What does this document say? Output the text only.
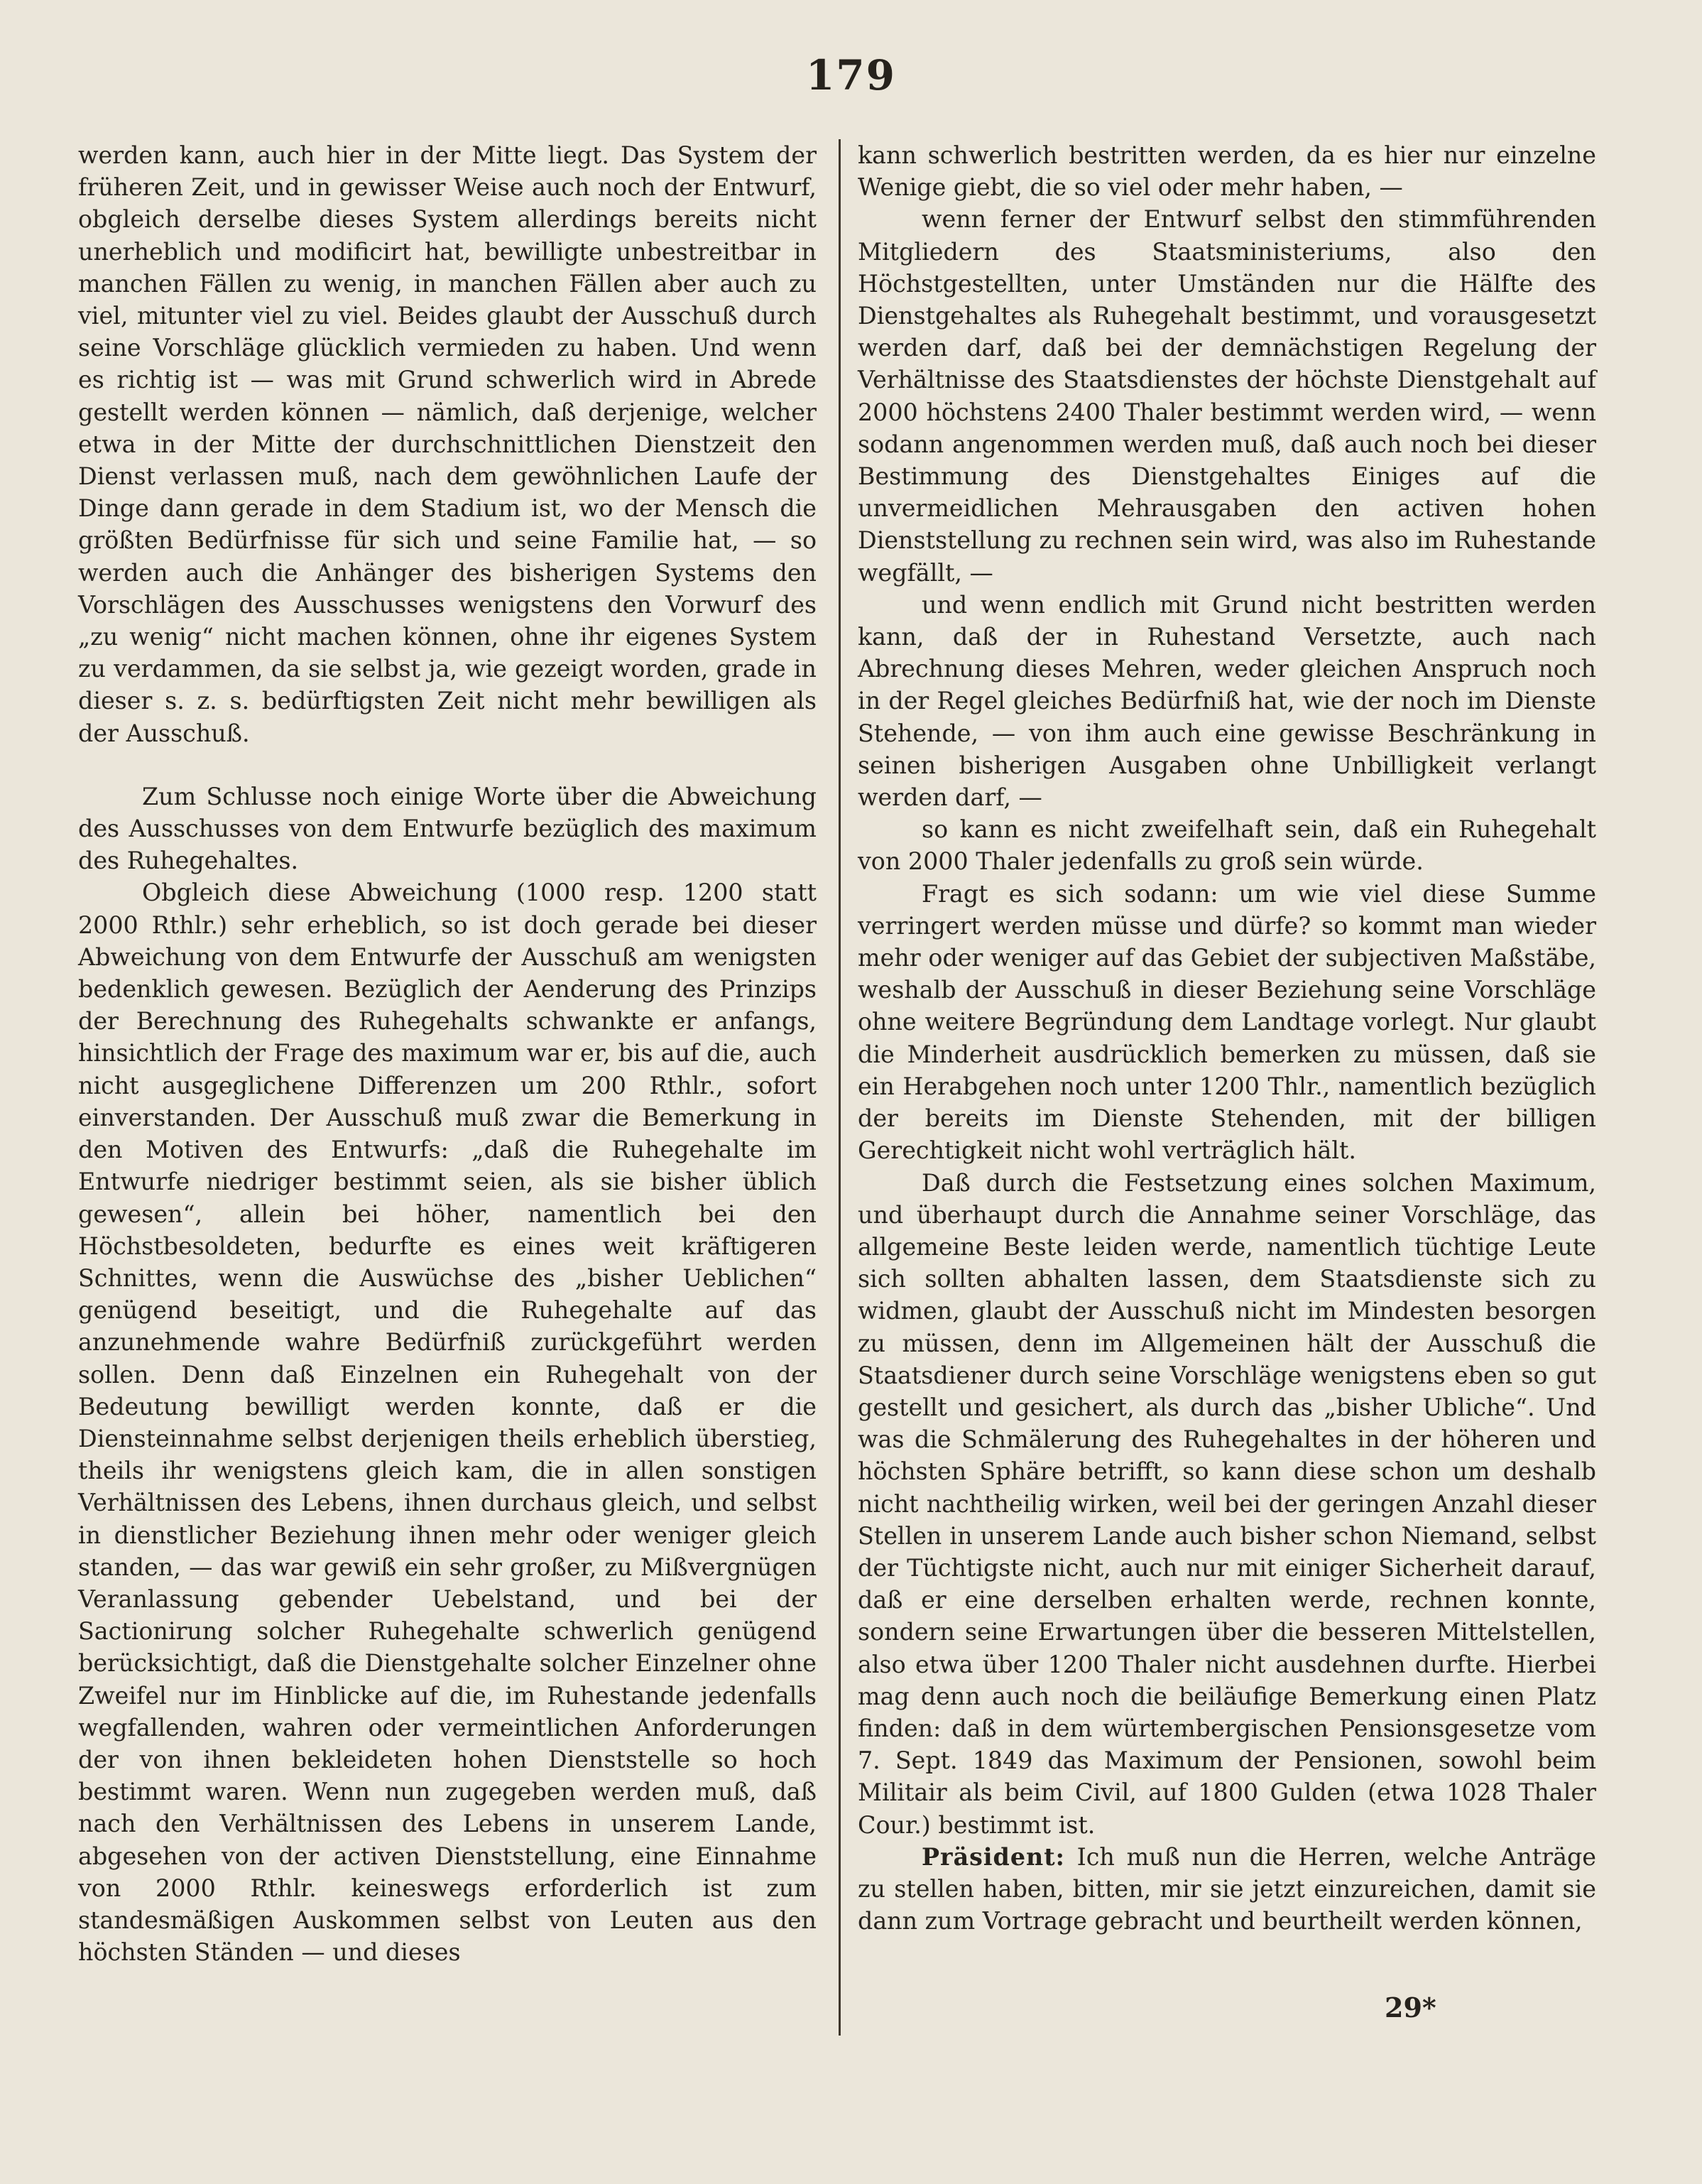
179

werden kann, auch hier in der Mitte liegt. Das System der früheren Zeit, und in gewisser Weise auch noch der Entwurf, obgleich derselbe dieses System allerdings bereits nicht unerheblich und modificirt hat, bewilligte unbestreitbar in manchen Fällen zu wenig, in manchen Fällen aber auch zu viel, mitunter viel zu viel. Beides glaubt der Ausschuß durch seine Vorschläge glücklich vermieden zu haben. Und wenn es richtig ist — was mit Grund schwerlich wird in Abrede gestellt werden können — nämlich, daß derjenige, welcher etwa in der Mitte der durchschnittlichen Dienstzeit den Dienst verlassen muß, nach dem gewöhnlichen Laufe der Dinge dann gerade in dem Stadium ist, wo der Mensch die größten Bedürfnisse für sich und seine Familie hat, — so werden auch die Anhänger des bisherigen Systems den Vorschlägen des Ausschusses wenigstens den Vorwurf des „zu wenig“ nicht machen können, ohne ihr eigenes System zu verdammen, da sie selbst ja, wie gezeigt worden, grade in dieser s. z. s. bedürftigsten Zeit nicht mehr bewilligen als der Ausschuß.

Zum Schlusse noch einige Worte über die Abweichung des Ausschusses von dem Entwurfe bezüglich des maximum des Ruhegehaltes.

Obgleich diese Abweichung (1000 resp. 1200 statt 2000 Rthlr.) sehr erheblich, so ist doch gerade bei dieser Abweichung von dem Entwurfe der Ausschuß am wenigsten bedenklich gewesen. Bezüglich der Aenderung des Prinzips der Berechnung des Ruhegehalts schwankte er anfangs, hinsichtlich der Frage des maximum war er, bis auf die, auch nicht ausgeglichene Differenzen um 200 Rthlr., sofort einverstanden. Der Ausschuß muß zwar die Bemerkung in den Motiven des Entwurfs: „daß die Ruhegehalte im Entwurfe niedriger bestimmt seien, als sie bisher üblich gewesen“, allein bei höher, namentlich bei den Höchstbesoldeten, bedurfte es eines weit kräftigeren Schnittes, wenn die Auswüchse des „bisher Ueblichen“ genügend beseitigt, und die Ruhegehalte auf das anzunehmende wahre Bedürfniß zurückgeführt werden sollen. Denn daß Einzelnen ein Ruhegehalt von der Bedeutung bewilligt werden konnte, daß er die Diensteinnahme selbst derjenigen theils erheblich überstieg, theils ihr wenigstens gleich kam, die in allen sonstigen Verhältnissen des Lebens, ihnen durchaus gleich, und selbst in dienstlicher Beziehung ihnen mehr oder weniger gleich standen, — das war gewiß ein sehr großer, zu Mißvergnügen Veranlassung gebender Uebelstand, und bei der Sactionirung solcher Ruhegehalte schwerlich genügend berücksichtigt, daß die Dienstgehalte solcher Einzelner ohne Zweifel nur im Hinblicke auf die, im Ruhestande jedenfalls wegfallenden, wahren oder vermeintlichen Anforderungen der von ihnen bekleideten hohen Dienststelle so hoch bestimmt waren. Wenn nun zugegeben werden muß, daß nach den Verhältnissen des Lebens in unserem Lande, abgesehen von der activen Dienststellung, eine Einnahme von 2000 Rthlr. keineswegs erforderlich ist zum standesmäßigen Auskommen selbst von Leuten aus den höchsten Ständen — und dieses

kann schwerlich bestritten werden, da es hier nur einzelne Wenige giebt, die so viel oder mehr haben, —

wenn ferner der Entwurf selbst den stimmführenden Mitgliedern des Staatsministeriums, also den Höchstgestellten, unter Umständen nur die Hälfte des Dienstgehaltes als Ruhegehalt bestimmt, und vorausgesetzt werden darf, daß bei der demnächstigen Regelung der Verhältnisse des Staatsdienstes der höchste Dienstgehalt auf 2000 höchstens 2400 Thaler bestimmt werden wird, — wenn sodann angenommen werden muß, daß auch noch bei dieser Bestimmung des Dienstgehaltes Einiges auf die unvermeidlichen Mehrausgaben den activen hohen Dienststellung zu rechnen sein wird, was also im Ruhestande wegfällt, —

und wenn endlich mit Grund nicht bestritten werden kann, daß der in Ruhestand Versetzte, auch nach Abrechnung dieses Mehren, weder gleichen Anspruch noch in der Regel gleiches Bedürfniß hat, wie der noch im Dienste Stehende, — von ihm auch eine gewisse Beschränkung in seinen bisherigen Ausgaben ohne Unbilligkeit verlangt werden darf, —

so kann es nicht zweifelhaft sein, daß ein Ruhegehalt von 2000 Thaler jedenfalls zu groß sein würde.

Fragt es sich sodann: um wie viel diese Summe verringert werden müsse und dürfe? so kommt man wieder mehr oder weniger auf das Gebiet der subjectiven Maßstäbe, weshalb der Ausschuß in dieser Beziehung seine Vorschläge ohne weitere Begründung dem Landtage vorlegt. Nur glaubt die Minderheit ausdrücklich bemerken zu müssen, daß sie ein Herabgehen noch unter 1200 Thlr., namentlich bezüglich der bereits im Dienste Stehenden, mit der billigen Gerechtigkeit nicht wohl verträglich hält.

Daß durch die Festsetzung eines solchen Maximum, und überhaupt durch die Annahme seiner Vorschläge, das allgemeine Beste leiden werde, namentlich tüchtige Leute sich sollten abhalten lassen, dem Staatsdienste sich zu widmen, glaubt der Ausschuß nicht im Mindesten besorgen zu müssen, denn im Allgemeinen hält der Ausschuß die Staatsdiener durch seine Vorschläge wenigstens eben so gut gestellt und gesichert, als durch das „bisher Ubliche“. Und was die Schmälerung des Ruhegehaltes in der höheren und höchsten Sphäre betrifft, so kann diese schon um deshalb nicht nachtheilig wirken, weil bei der geringen Anzahl dieser Stellen in unserem Lande auch bisher schon Niemand, selbst der Tüchtigste nicht, auch nur mit einiger Sicherheit darauf, daß er eine derselben erhalten werde, rechnen konnte, sondern seine Erwartungen über die besseren Mittelstellen, also etwa über 1200 Thaler nicht ausdehnen durfte. Hierbei mag denn auch noch die beiläufige Bemerkung einen Platz finden: daß in dem würtembergischen Pensionsgesetze vom 7. Sept. 1849 das Maximum der Pensionen, sowohl beim Militair als beim Civil, auf 1800 Gulden (etwa 1028 Thaler Cour.) bestimmt ist.

Präsident: Ich muß nun die Herren, welche Anträge zu stellen haben, bitten, mir sie jetzt einzureichen, damit sie dann zum Vortrage gebracht und beurtheilt werden können,

29*
